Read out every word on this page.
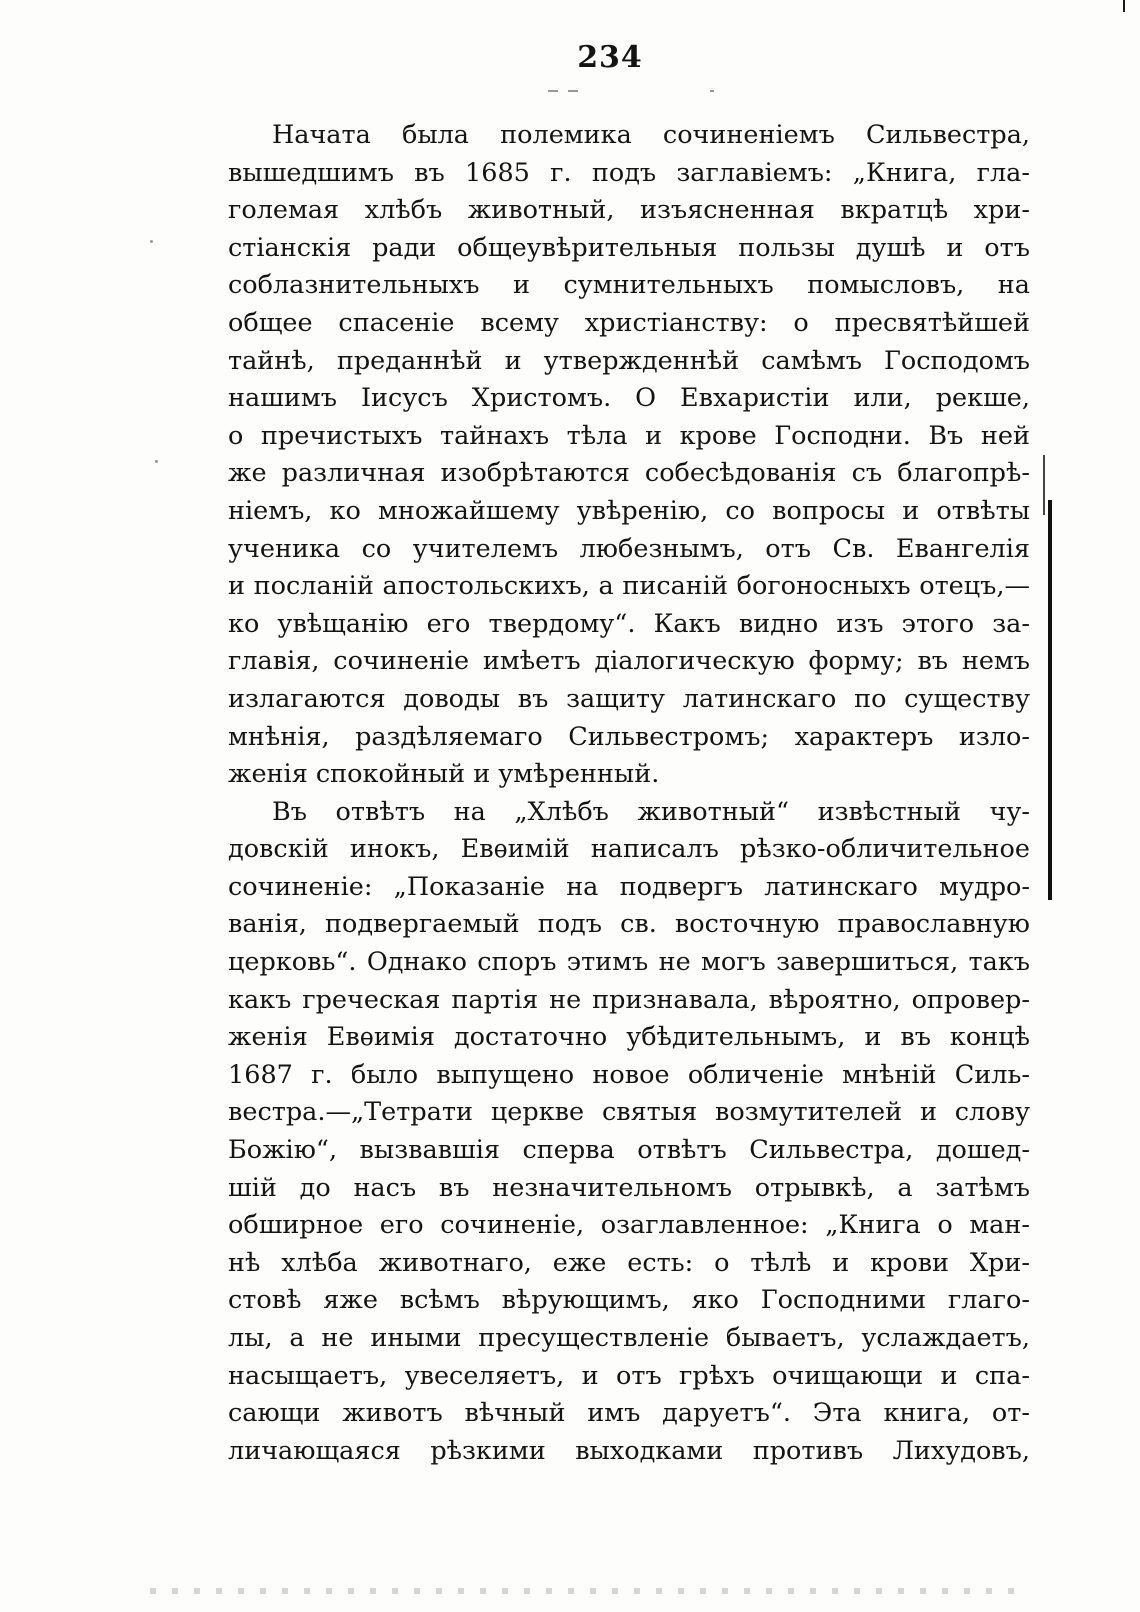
234
Начата была полемика сочиненіемъ Сильвестра,
вышедшимъ въ 1685 г. подъ заглавіемъ: „Книга, гла-
големая хлѣбъ животный, изъясненная вкратцѣ хри-
стіанскія ради общеувѣрительныя пользы душѣ и отъ
соблазнительныхъ и сумнительныхъ помысловъ, на
общее спасеніе всему христіанству: о пресвятѣйшей
тайнѣ, преданнѣй и утвержденнѣй самѣмъ Господомъ
нашимъ Іисусъ Христомъ. О Евхаристіи или, рекше,
о пречистыхъ тайнахъ тѣла и крове Господни. Въ ней
же различная изобрѣтаются собесѣдованія съ благопрѣ-
ніемъ, ко множайшему увѣренію, со вопросы и отвѣты
ученика со учителемъ любезнымъ, отъ Св. Евангелія
и посланій апостольскихъ, а писаній богоносныхъ отецъ,—
ко увѣщанію его твердому“. Какъ видно изъ этого за-
главія, сочиненіе имѣетъ діалогическую форму; въ немъ
излагаются доводы въ защиту латинскаго по существу
мнѣнія, раздѣляемаго Сильвестромъ; характеръ изло-
женія спокойный и умѣренный.
Въ отвѣтъ на „Хлѣбъ животный“ извѣстный чу-
довскій инокъ, Евѳимій написалъ рѣзко-обличительное
сочиненіе: „Показаніе на подвергъ латинскаго мудро-
ванія, подвергаемый подъ св. восточную православную
церковь“. Однако споръ этимъ не могъ завершиться, такъ
какъ греческая партія не признавала, вѣроятно, опровер-
женія Евѳимія достаточно убѣдительнымъ, и въ концѣ
1687 г. было выпущено новое обличеніе мнѣній Силь-
вестра.—„Тетрати церкве святыя возмутителей и слову
Божію“, вызвавшія сперва отвѣтъ Сильвестра, дошед-
шій до насъ въ незначительномъ отрывкѣ, а затѣмъ
обширное его сочиненіе, озаглавленное: „Книга о ман-
нѣ хлѣба животнаго, еже есть: о тѣлѣ и крови Хри-
стовѣ яже всѣмъ вѣрующимъ, яко Господними глаго-
лы, а не иными пресуществленіе бываетъ, услаждаетъ,
насыщаетъ, увеселяетъ, и отъ грѣхъ очищающи и спа-
сающи животъ вѣчный имъ даруетъ“. Эта книга, от-
личающаяся рѣзкими выходками противъ Лихудовъ,
